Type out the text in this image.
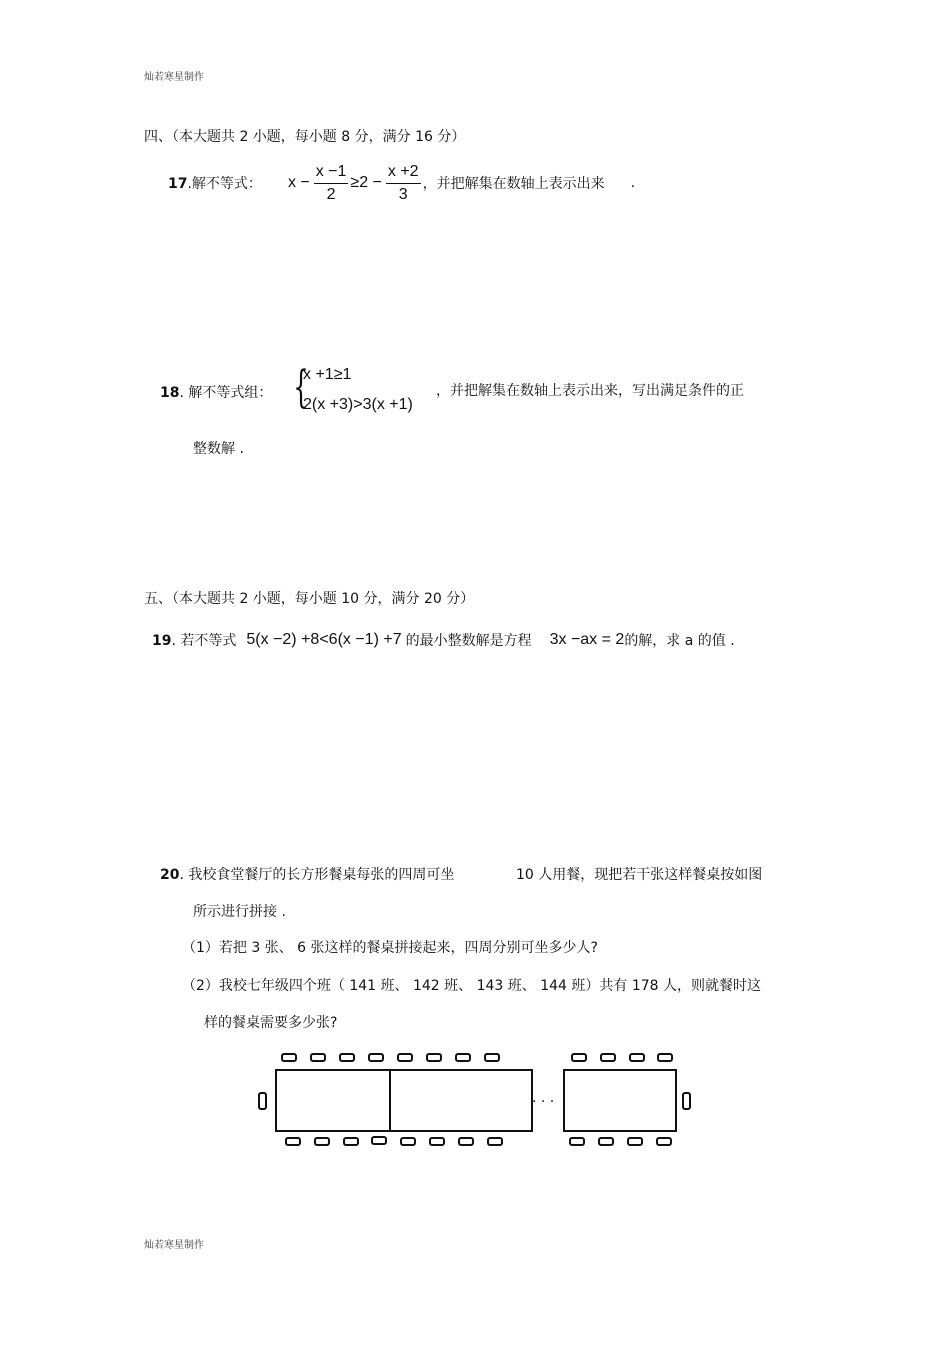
灿若寒星制作
四、（本大题共 2 小题，每小题 8 分，满分 16 分）
17.解不等式： $x - \frac{x -1}{2} \ge 2 - \frac{x +2}{3}$ ，并把解集在数轴上表示出来 .
18. 解不等式组： {
x +1≥1
2(x +3)>3(x +1)
，并把解集在数轴上表示出来，写出满足条件的正
整数解 .
五、（本大题共 2 小题，每小题 10 分，满分 20 分）
19. 若不等式 5(x −2) +8<6(x −1) +7 的最小整数解是方程 3x −ax = 2 的解，求 a 的值 .
20. 我校食堂餐厅的长方形餐桌每张的四周可坐	10 人用餐，现把若干张这样餐桌按如图
所示进行拼接 .
（1）若把 3 张、 6 张这样的餐桌拼接起来，四周分别可坐多少人?
（2）我校七年级四个班（ 141 班、 142 班、 143 班、 144 班）共有 178 人，则就餐时这
样的餐桌需要多少张?
· · ·
灿若寒星制作
